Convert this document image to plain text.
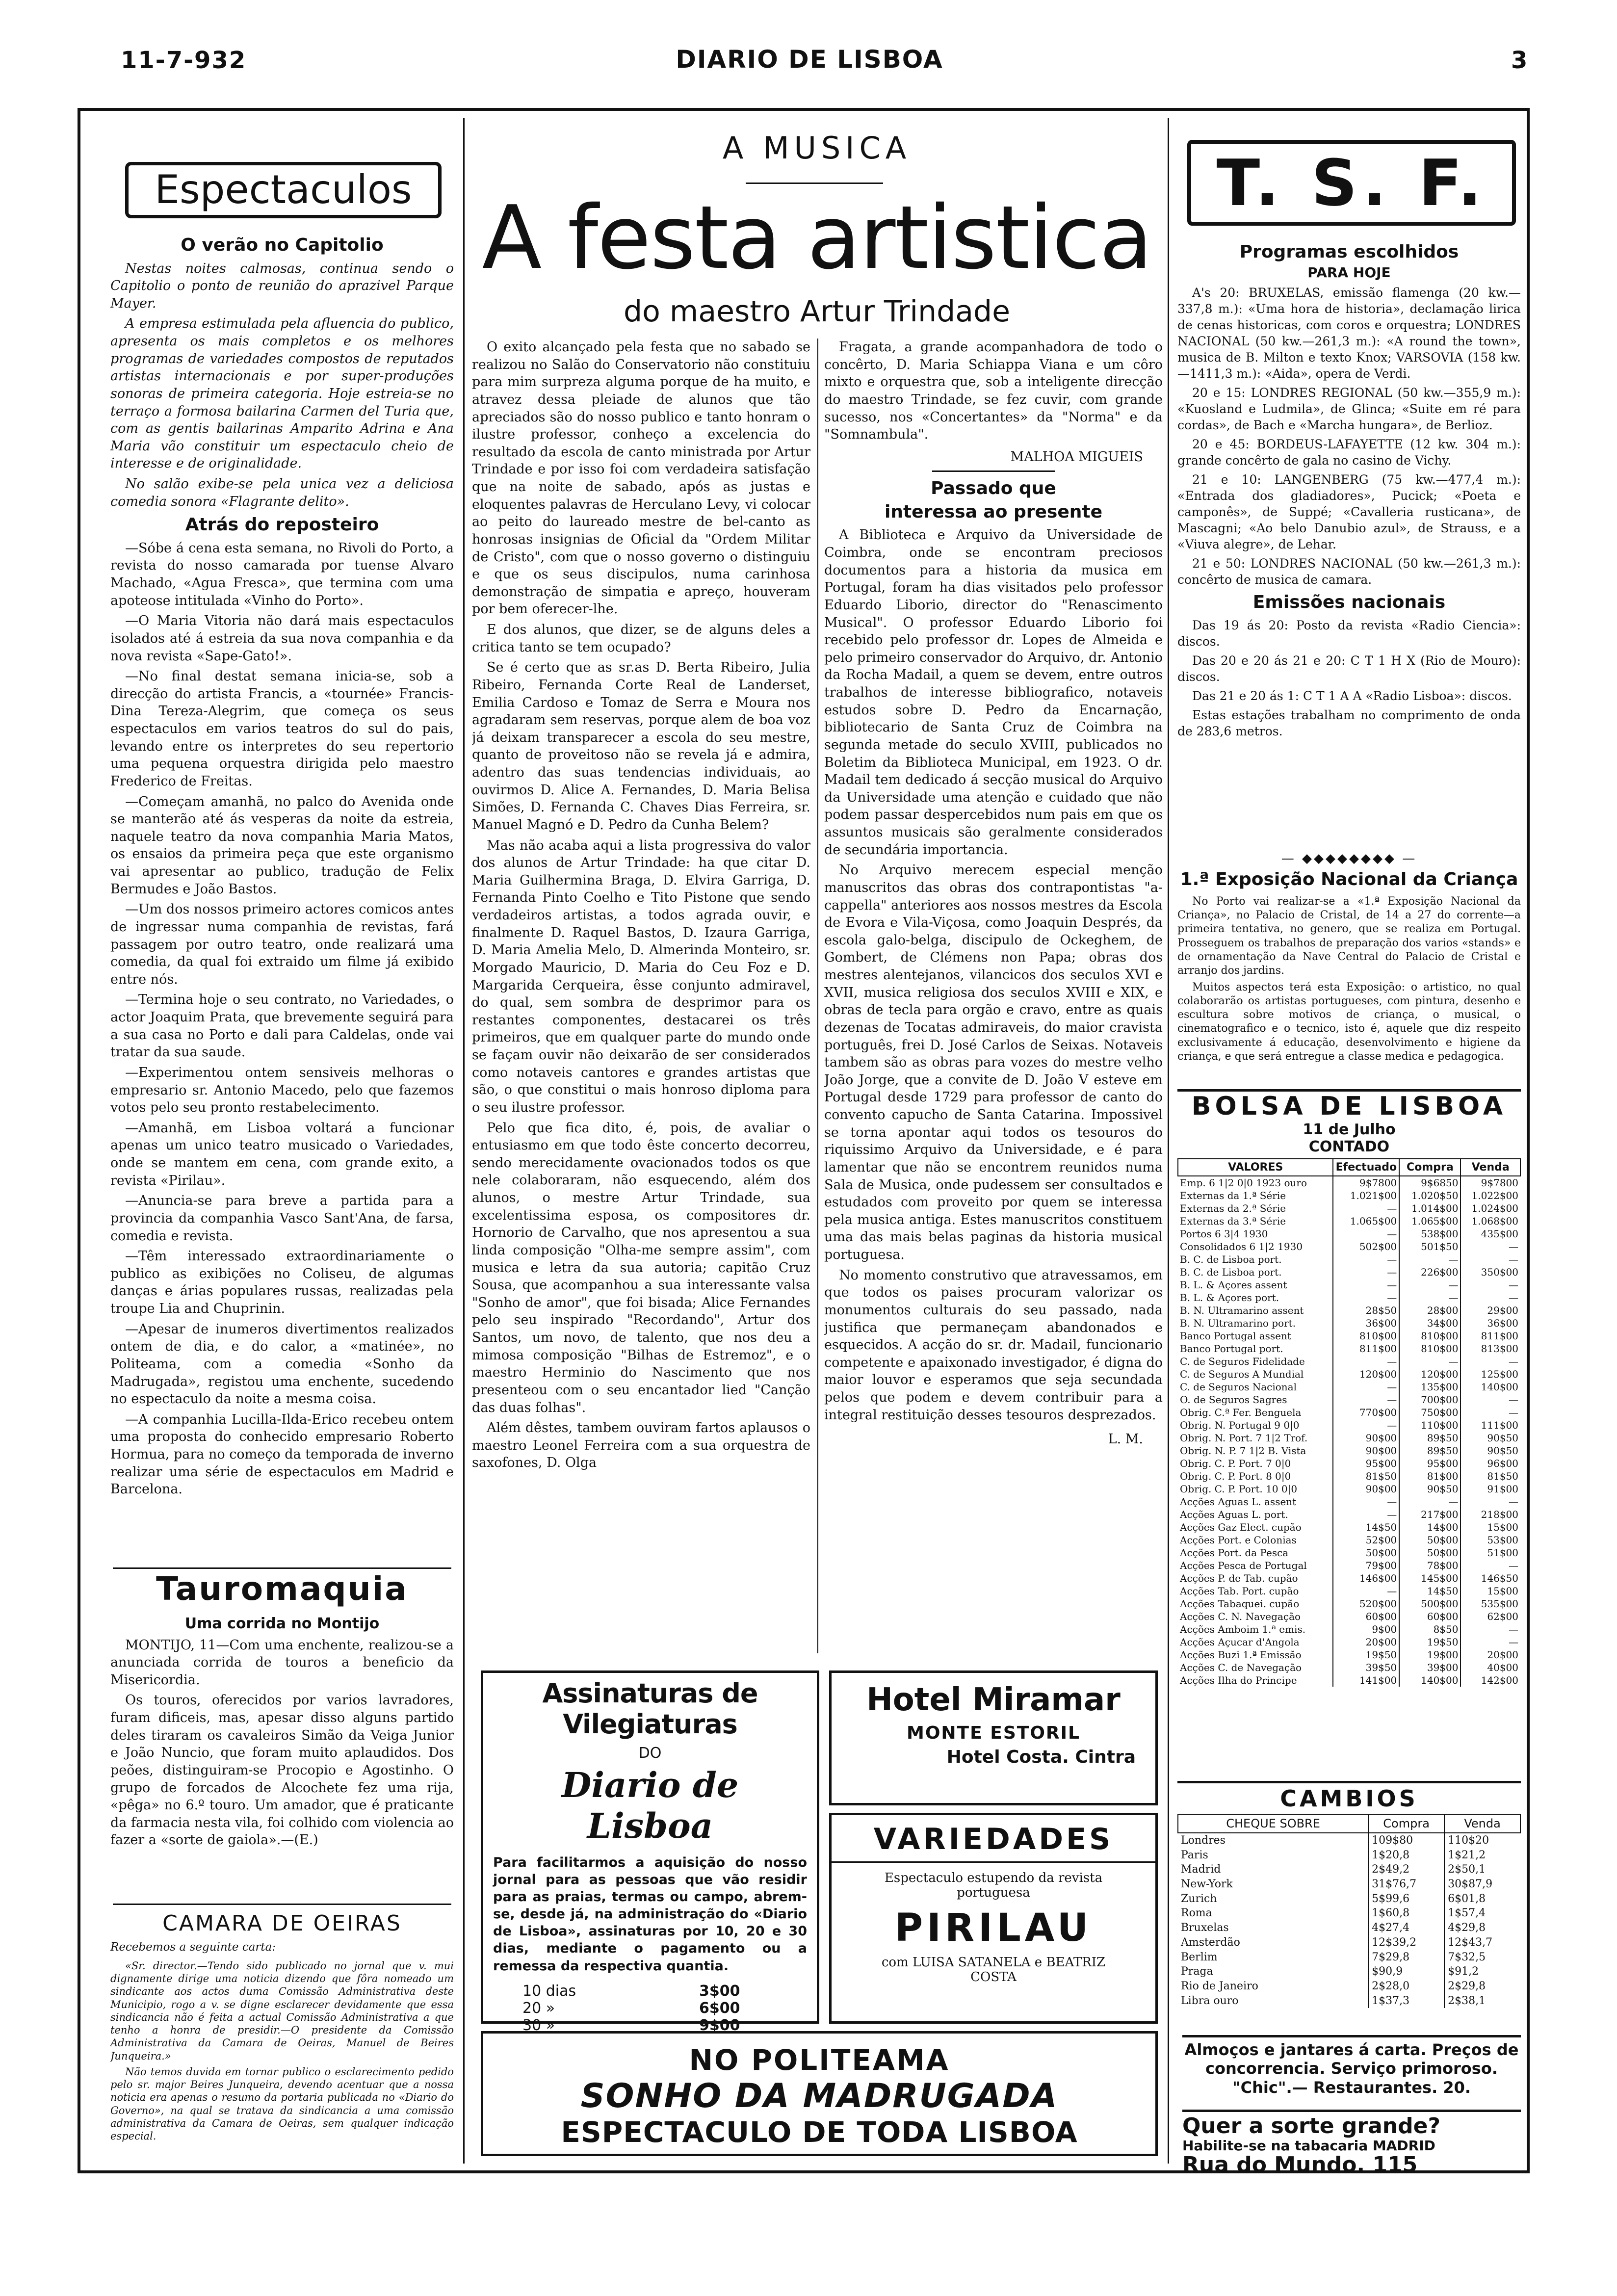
11-7-932	DIARIO DE LISBOA	3
Espectaculos
O verão no Capitolio

Nestas noites calmosas, continua sendo o Capitolio o ponto de reunião do aprazivel Parque Mayer.

A empresa estimulada pela afluencia do publico, apresenta os mais completos e os melhores programas de variedades compostos de reputados artistas internacionais e por super-produções sonoras de primeira categoria. Hoje estreia-se no terraço a formosa bailarina Carmen del Turia que, com as gentis bailarinas Amparito Adrina e Ana Maria vão constituir um espectaculo cheio de interesse e de originalidade.

No salão exibe-se pela unica vez a deliciosa comedia sonora «Flagrante delito».

Atrás do reposteiro

—Sóbe á cena esta semana, no Rivoli do Porto, a revista do nosso camarada por tuense Alvaro Machado, «Agua Fresca», que termina com uma apoteose intitulada «Vinho do Porto».

—O Maria Vitoria não dará mais espectaculos isolados até á estreia da sua nova companhia e da nova revista «Sape-Gato!».

—No final destat semana inicia-se, sob a direcção do artista Francis, a «tournée» Francis-Dina Tereza-Alegrim, que começa os seus espectaculos em varios teatros do sul do pais, levando entre os interpretes do seu repertorio uma pequena orquestra dirigida pelo maestro Frederico de Freitas.

—Começam amanhã, no palco do Avenida onde se manterão até ás vesperas da noite da estreia, naquele teatro da nova companhia Maria Matos, os ensaios da primeira peça que este organismo vai apresentar ao publico, tradução de Felix Bermudes e João Bastos.

—Um dos nossos primeiro actores comicos antes de ingressar numa companhia de revistas, fará passagem por outro teatro, onde realizará uma comedia, da qual foi extraido um filme já exibido entre nós.

—Termina hoje o seu contrato, no Variedades, o actor Joaquim Prata, que brevemente seguirá para a sua casa no Porto e dali para Caldelas, onde vai tratar da sua saude.

—Experimentou ontem sensiveis melhoras o empresario sr. Antonio Macedo, pelo que fazemos votos pelo seu pronto restabelecimento.

—Amanhã, em Lisboa voltará a funcionar apenas um unico teatro musicado o Variedades, onde se mantem em cena, com grande exito, a revista «Pirilau».

—Anuncia-se para breve a partida para a provincia da companhia Vasco Sant'Ana, de farsa, comedia e revista.

—Têm interessado extraordinariamente o publico as exibições no Coliseu, de algumas danças e árias populares russas, realizadas pela troupe Lia and Chuprinin.

—Apesar de inumeros divertimentos realizados ontem de dia, e do calor, a «matinée», no Politeama, com a comedia «Sonho da Madrugada», registou uma enchente, sucedendo no espectaculo da noite a mesma coisa.

—A companhia Lucilla-Ilda-Erico recebeu ontem uma proposta do conhecido empresario Roberto Hormua, para no começo da temporada de inverno realizar uma série de espectaculos em Madrid e Barcelona.

Tauromaquia
Uma corrida no Montijo

MONTIJO, 11—Com uma enchente, realizou-se a anunciada corrida de touros a beneficio da Misericordia.

Os touros, oferecidos por varios lavradores, furam dificeis, mas, apesar disso alguns partido deles tiraram os cavaleiros Simão da Veiga Junior e João Nuncio, que foram muito aplaudidos. Dos peões, distinguiram-se Procopio e Agostinho. O grupo de forcados de Alcochete fez uma rija, «pêga» no 6.º touro. Um amador, que é praticante da farmacia nesta vila, foi colhido com violencia ao fazer a «sorte de gaiola».—(E.)

CAMARA DE OEIRAS
Recebemos a seguinte carta:

«Sr. director.—Tendo sido publicado no jornal que v. mui dignamente dirige uma noticia dizendo que fôra nomeado um sindicante aos actos duma Comissão Administrativa deste Municipio, rogo a v. se digne esclarecer devidamente que essa sindicancia não é feita a actual Comissão Administrativa a que tenho a honra de presidir.—O presidente da Comissão Administrativa da Camara de Oeiras, Manuel de Beires Junqueira.»

Não temos duvida em tornar publico o esclarecimento pedido pelo sr. major Beires Junqueira, devendo acentuar que a nossa noticia era apenas o resumo da portaria publicada no «Diario do Governo», na qual se tratava da sindicancia a uma comissão administrativa da Camara de Oeiras, sem qualquer indicação especial.

A MUSICA
A festa artistica
do maestro Artur Trindade

O exito alcançado pela festa que no sabado se realizou no Salão do Conservatorio não constituiu para mim surpreza alguma porque de ha muito, e atravez dessa pleiade de alunos que tão apreciados são do nosso publico e tanto honram o ilustre professor, conheço a excelencia do resultado da escola de canto ministrada por Artur Trindade e por isso foi com verdadeira satisfação que na noite de sabado, após as justas e eloquentes palavras de Herculano Levy, vi colocar ao peito do laureado mestre de bel-canto as honrosas insignias de Oficial da "Ordem Militar de Cristo", com que o nosso governo o distinguiu e que os seus discipulos, numa carinhosa demonstração de simpatia e apreço, houveram por bem oferecer-lhe.

E dos alunos, que dizer, se de alguns deles a critica tanto se tem ocupado?

Se é certo que as sr.as D. Berta Ribeiro, Julia Ribeiro, Fernanda Corte Real de Landerset, Emilia Cardoso e Tomaz de Serra e Moura nos agradaram sem reservas, porque alem de boa voz já deixam transparecer a escola do seu mestre, quanto de proveitoso não se revela já e admira, adentro das suas tendencias individuais, ao ouvirmos D. Alice A. Fernandes, D. Maria Belisa Simões, D. Fernanda C. Chaves Dias Ferreira, sr. Manuel Magnó e D. Pedro da Cunha Belem?

Mas não acaba aqui a lista progressiva do valor dos alunos de Artur Trindade: ha que citar D. Maria Guilhermina Braga, D. Elvira Garriga, D. Fernanda Pinto Coelho e Tito Pistone que sendo verdadeiros artistas, a todos agrada ouvir, e finalmente D. Raquel Bastos, D. Izaura Garriga, D. Maria Amelia Melo, D. Almerinda Monteiro, sr. Morgado Mauricio, D. Maria do Ceu Foz e D. Margarida Cerqueira, êsse conjunto admiravel, do qual, sem sombra de desprimor para os restantes componentes, destacarei os três primeiros, que em qualquer parte do mundo onde se façam ouvir não deixarão de ser considerados como notaveis cantores e grandes artistas que são, o que constitui o mais honroso diploma para o seu ilustre professor.

Pelo que fica dito, é, pois, de avaliar o entusiasmo em que todo êste concerto decorreu, sendo merecidamente ovacionados todos os que nele colaboraram, não esquecendo, além dos alunos, o mestre Artur Trindade, sua excelentissima esposa, os compositores dr. Hornorio de Carvalho, que nos apresentou a sua linda composição "Olha-me sempre assim", com musica e letra da sua autoria; capitão Cruz Sousa, que acompanhou a sua interessante valsa "Sonho de amor", que foi bisada; Alice Fernandes pelo seu inspirado "Recordando", Artur dos Santos, um novo, de talento, que nos deu a mimosa composição "Bilhas de Estremoz", e o maestro Herminio do Nascimento que nos presenteou com o seu encantador lied "Canção das duas folhas".

Além dêstes, tambem ouviram fartos aplausos o maestro Leonel Ferreira com a sua orquestra de saxofones, D. Olga

Fragata, a grande acompanhadora de todo o concêrto, D. Maria Schiappa Viana e um côro mixto e orquestra que, sob a inteligente direcção do maestro Trindade, se fez cuvir, com grande sucesso, nos «Concertantes» da "Norma" e da "Somnambula".

MALHOA MIGUEIS
Passado que interessa ao presente

A Biblioteca e Arquivo da Universidade de Coimbra, onde se encontram preciosos documentos para a historia da musica em Portugal, foram ha dias visitados pelo professor Eduardo Liborio, director do "Renascimento Musical". O professor Eduardo Liborio foi recebido pelo professor dr. Lopes de Almeida e pelo primeiro conservador do Arquivo, dr. Antonio da Rocha Madail, a quem se devem, entre outros trabalhos de interesse bibliografico, notaveis estudos sobre D. Pedro da Encarnação, bibliotecario de Santa Cruz de Coimbra na segunda metade do seculo XVIII, publicados no Boletim da Biblioteca Municipal, em 1923. O dr. Madail tem dedicado á secção musical do Arquivo da Universidade uma atenção e cuidado que não podem passar despercebidos num pais em que os assuntos musicais são geralmente considerados de secundária importancia.

No Arquivo merecem especial menção manuscritos das obras dos contrapontistas "a-cappella" anteriores aos nossos mestres da Escola de Evora e Vila-Viçosa, como Joaquin Després, da escola galo-belga, discipulo de Ockeghem, de Gombert, de Clémens non Papa; obras dos mestres alentejanos, vilancicos dos seculos XVI e XVII, musica religiosa dos seculos XVIII e XIX, e obras de tecla para orgão e cravo, entre as quais dezenas de Tocatas admiraveis, do maior cravista português, frei D. José Carlos de Seixas. Notaveis tambem são as obras para vozes do mestre velho João Jorge, que a convite de D. João V esteve em Portugal desde 1729 para professor de canto do convento capucho de Santa Catarina. Impossivel se torna apontar aqui todos os tesouros do riquissimo Arquivo da Universidade, e é para lamentar que não se encontrem reunidos numa Sala de Musica, onde pudessem ser consultados e estudados com proveito por quem se interessa pela musica antiga. Estes manuscritos constituem uma das mais belas paginas da historia musical portuguesa.

No momento construtivo que atravessamos, em que todos os paises procuram valorizar os monumentos culturais do seu passado, nada justifica que permaneçam abandonados e esquecidos. A acção do sr. dr. Madail, funcionario competente e apaixonado investigador, é digna do maior louvor e esperamos que seja secundada pelos que podem e devem contribuir para a integral restituição desses tesouros desprezados.

L. M.
Assinaturas de Vilegiaturas
DO
Diario de Lisboa
Para facilitarmos a aquisição do nosso jornal para as pessoas que vão residir para as praias, termas ou campo, abrem-se, desde já, na administração do «Diario de Lisboa», assinaturas por 10, 20 e 30 dias, mediante o pagamento ou a remessa da respectiva quantia.
10 dias	3$00
20 »	6$00
30 »	9$00
Hotel Miramar
MONTE ESTORIL
Hotel Costa. Cintra
VARIEDADES
Espectaculo estupendo da revista
portuguesa
PIRILAU
com LUISA SATANELA e BEATRIZ COSTA
NO POLITEAMA
SONHO DA MADRUGADA
ESPECTACULO DE TODA LISBOA
T. S. F.
Programas escolhidos
PARA HOJE

A's 20: BRUXELAS, emissão flamenga (20 kw.—337,8 m.): «Uma hora de historia», declamação lirica de cenas historicas, com coros e orquestra; LONDRES NACIONAL (50 kw.—261,3 m.): «A round the town», musica de B. Milton e texto Knox; VARSOVIA (158 kw.—1411,3 m.): «Aida», opera de Verdi.

20 e 15: LONDRES REGIONAL (50 kw.—355,9 m.): «Kuosland e Ludmila», de Glinca; «Suite em ré para cordas», de Bach e «Marcha hungara», de Berlioz.

20 e 45: BORDEUS-LAFAYETTE (12 kw. 304 m.): grande concêrto de gala no casino de Vichy.

21 e 10: LANGENBERG (75 kw.—477,4 m.): «Entrada dos gladiadores», Pucick; «Poeta e camponês», de Suppé; «Cavalleria rusticana», de Mascagni; «Ao belo Danubio azul», de Strauss, e a «Viuva alegre», de Lehar.

21 e 50: LONDRES NACIONAL (50 kw.—261,3 m.): concêrto de musica de camara.

Emissões nacionais

Das 19 ás 20: Posto da revista «Radio Ciencia»: discos.

Das 20 e 20 ás 21 e 20: C T 1 H X (Rio de Mouro): discos.

Das 21 e 20 ás 1: C T 1 A A «Radio Lisboa»: discos.

Estas estações trabalham no comprimento de onda de 283,6 metros.

— ◆◆◆◆◆◆◆◆ —
1.ª Exposição Nacional da Criança

No Porto vai realizar-se a «1.ª Exposição Nacional da Criança», no Palacio de Cristal, de 14 a 27 do corrente—a primeira tentativa, no genero, que se realiza em Portugal. Prosseguem os trabalhos de preparação dos varios «stands» e de ornamentação da Nave Central do Palacio de Cristal e arranjo dos jardins.

Muitos aspectos terá esta Exposição: o artistico, no qual colaborarão os artistas portugueses, com pintura, desenho e escultura sobre motivos de criança, o musical, o cinematografico e o tecnico, isto é, aquele que diz respeito exclusivamente á educação, desenvolvimento e higiene da criança, e que será entregue a classe medica e pedagogica.

BOLSA DE LISBOA
11 de Julho
CONTADO
VALORES	Efectuado	Compra	Venda
Emp. 6 1|2 0|0 1923 ouro	9$7800	9$6850	9$7800
Externas da 1.ª Série	1.021$00	1.020$50	1.022$00
Externas da 2.ª Série	—	1.014$00	1.024$00
Externas da 3.ª Série	1.065$00	1.065$00	1.068$00
Portos 6 3|4 1930	—	538$00	435$00
Consolidados 6 1|2 1930	502$00	501$50	—
B. C. de Lisboa port.	—	—	—
B. C. de Lisboa port.	—	226$00	350$00
B. L. & Açores assent	—	—	—
B. L. & Açores port.	—	—	—
B. N. Ultramarino assent	28$50	28$00	29$00
B. N. Ultramarino port.	36$00	34$00	36$00
Banco Portugal assent	810$00	810$00	811$00
Banco Portugal port.	811$00	810$00	813$00
C. de Seguros Fidelidade	—	—	—
C. de Seguros A Mundial	120$00	120$00	125$00
C. de Seguros Nacional	—	135$00	140$00
O. de Seguros Sagres	—	700$00	—
Obrig. C.ª Fer. Benguela	770$00	750$00	—
Obrig. N. Portugal 9 0|0	—	110$00	111$00
Obrig. N. Port. 7 1|2 Trof.	90$00	89$50	90$50
Obrig. N. P. 7 1|2 B. Vista	90$00	89$50	90$50
Obrig. C. P. Port. 7 0|0	95$00	95$00	96$00
Obrig. C. P. Port. 8 0|0	81$50	81$00	81$50
Obrig. C. P. Port. 10 0|0	90$00	90$50	91$00
Acções Aguas L. assent	—	—	—
Acções Aguas L. port.	—	217$00	218$00
Acções Gaz Elect. cupão	14$50	14$00	15$00
Acções Port. e Colonias	52$00	50$00	53$00
Acções Port. da Pesca	50$00	50$00	51$00
Acções Pesca de Portugal	79$00	78$00	—
Acções P. de Tab. cupão	146$00	145$00	146$50
Acções Tab. Port. cupão	—	14$50	15$00
Acções Tabaquei. cupão	520$00	500$00	535$00
Acções C. N. Navegação	60$00	60$00	62$00
Acções Amboim 1.ª emis.	9$00	8$50	—
Acções Açucar d'Angola	20$00	19$50	—
Acções Buzi 1.ª Emissão	19$50	19$00	20$00
Acções C. de Navegação	39$50	39$00	40$00
Acções Ilha do Principe	141$00	140$00	142$00
CAMBIOS
CHEQUE SOBRE	Compra	Venda
Londres	109$80	110$20
Paris	1$20,8	1$21,2
Madrid	2$49,2	2$50,1
New-York	31$76,7	30$87,9
Zurich	5$99,6	6$01,8
Roma	1$60,8	1$57,4
Bruxelas	4$27,4	4$29,8
Amsterdão	12$39,2	12$43,7
Berlim	7$29,8	7$32,5
Praga	$90,9	$91,2
Rio de Janeiro	2$28,0	2$29,8
Libra ouro	1$37,3	2$38,1
Almoços e jantares á carta. Preços de concorrencia. Serviço primoroso. "Chic".— Restaurantes. 20.
Quer a sorte grande?
Habilite-se na tabacaria MADRID
Rua do Mundo. 115
